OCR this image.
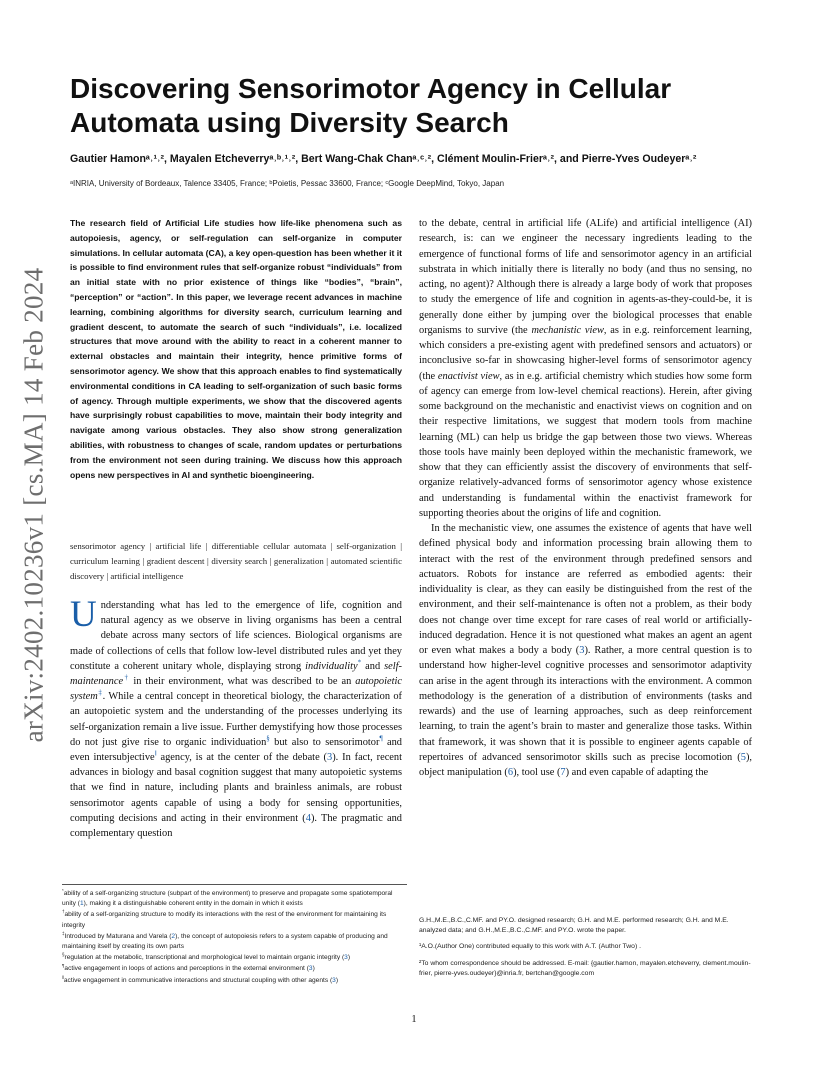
arXiv:2402.10236v1 [cs.MA] 14 Feb 2024
Discovering Sensorimotor Agency in Cellular Automata using Diversity Search
Gautier Hamonᵃ˒¹˒², Mayalen Etcheverryᵃ˒ᵇ˒¹˒², Bert Wang-Chak Chanᵃ˒ᶜ˒², Clément Moulin-Frierᵃ˒², and Pierre-Yves Oudeyerᵃ˒²
ᵃINRIA, University of Bordeaux, Talence 33405, France; ᵇPoietis, Pessac 33600, France; ᶜGoogle DeepMind, Tokyo, Japan
The research field of Artificial Life studies how life-like phenomena such as autopoiesis, agency, or self-regulation can self-organize in computer simulations. In cellular automata (CA), a key open-question has been whether it it is possible to find environment rules that self-organize robust “individuals” from an initial state with no prior existence of things like “bodies”, “brain”, “perception” or “action”. In this paper, we leverage recent advances in machine learning, combining algorithms for diversity search, curriculum learning and gradient descent, to automate the search of such “individuals”, i.e. localized structures that move around with the ability to react in a coherent manner to external obstacles and maintain their integrity, hence primitive forms of sensorimotor agency. We show that this approach enables to find systematically environmental conditions in CA leading to self-organization of such basic forms of agency. Through multiple experiments, we show that the discovered agents have surprisingly robust capabilities to move, maintain their body integrity and navigate among various obstacles. They also show strong generalization abilities, with robustness to changes of scale, random updates or perturbations from the environment not seen during training. We discuss how this approach opens new perspectives in AI and synthetic bioengineering.
sensorimotor agency | artificial life | differentiable cellular automata | self-organization | curriculum learning | gradient descent | diversity search | generalization | automated scientific discovery | artificial intelligence

Understanding what has led to the emergence of life, cognition and natural agency as we observe in living organisms has been a central debate across many sectors of life sciences. Biological organisms are made of collections of cells that follow low-level distributed rules and yet they constitute a coherent unitary whole, displaying strong individuality* and self-maintenance† in their environment, what was described to be an autopoietic system‡. While a central concept in theoretical biology, the characterization of an autopoietic system and the understanding of the processes underlying its self-organization remain a live issue. Further demystifying how those processes do not just give rise to organic individuation§ but also to sensorimotor¶ and even intersubjective‖ agency, is at the center of the debate (3). In fact, recent advances in biology and basal cognition suggest that many autopoietic systems that we find in nature, including plants and brainless animals, are robust sensorimotor agents capable of using a body for sensing opportunities, computing decisions and acting in their environment (4). The pragmatic and complementary question

*ability of a self-organizing structure (subpart of the environment) to preserve and propagate some spatiotemporal unity (1), making it a distinguishable coherent entity in the domain in which it exists
†ability of a self-organizing structure to modify its interactions with the rest of the environment for maintaining its integrity
‡Introduced by Maturana and Varela (2), the concept of autopoiesis refers to a system capable of producing and maintaining itself by creating its own parts
§regulation at the metabolic, transcriptional and morphological level to maintain organic integrity (3)
¶active engagement in loops of actions and perceptions in the external environment (3)
‖active engagement in communicative interactions and structural coupling with other agents (3)

to the debate, central in artificial life (ALife) and artificial intelligence (AI) research, is: can we engineer the necessary ingredients leading to the emergence of functional forms of life and sensorimotor agency in an artificial substrata in which initially there is literally no body (and thus no sensing, no acting, no agent)? Although there is already a large body of work that proposes to study the emergence of life and cognition in agents-as-they-could-be, it is generally done either by jumping over the biological processes that enable organisms to survive (the mechanistic view, as in e.g. reinforcement learning, which considers a pre-existing agent with predefined sensors and actuators) or inconclusive so-far in showcasing higher-level forms of sensorimotor agency (the enactivist view, as in e.g. artificial chemistry which studies how some form of agency can emerge from low-level chemical reactions). Herein, after giving some background on the mechanistic and enactivist views on cognition and on their respective limitations, we suggest that modern tools from machine learning (ML) can help us bridge the gap between those two views. Whereas those tools have mainly been deployed within the mechanistic framework, we show that they can efficiently assist the discovery of environments that self-organize relatively-advanced forms of sensorimotor agency whose existence and understanding is fundamental within the enactivist framework for supporting theories about the origins of life and cognition.

In the mechanistic view, one assumes the existence of agents that have well defined physical body and information processing brain allowing them to interact with the rest of the environment through predefined sensors and actuators. Robots for instance are referred as embodied agents: their individuality is clear, as they can easily be distinguished from the rest of the environment, and their self-maintenance is often not a problem, as their body does not change over time except for rare cases of real world or artificially-induced degradation. Hence it is not questioned what makes an agent an agent or even what makes a body a body (3). Rather, a more central question is to understand how higher-level cognitive processes and sensorimotor adaptivity can arise in the agent through its interactions with the environment. A common methodology is the generation of a distribution of environments (tasks and rewards) and the use of learning approaches, such as deep reinforcement learning, to train the agent’s brain to master and generalize those tasks. Within that framework, it was shown that it is possible to engineer agents capable of repertoires of advanced sensorimotor skills such as precise locomotion (5), object manipulation (6), tool use (7) and even capable of adapting the

G.H.,M.E.,B.C.,C.MF. and PY.O. designed research; G.H. and M.E. performed research; G.H. and M.E. analyzed data; and G.H.,M.E.,B.C.,C.MF. and PY.O. wrote the paper.
¹A.O.(Author One) contributed equally to this work with A.T. (Author Two) .
²To whom correspondence should be addressed. E-mail: {gautier.hamon, mayalen.etcheverry, clement.moulin-frier, pierre-yves.oudeyer}@inria.fr, bertchan@google.com
1
